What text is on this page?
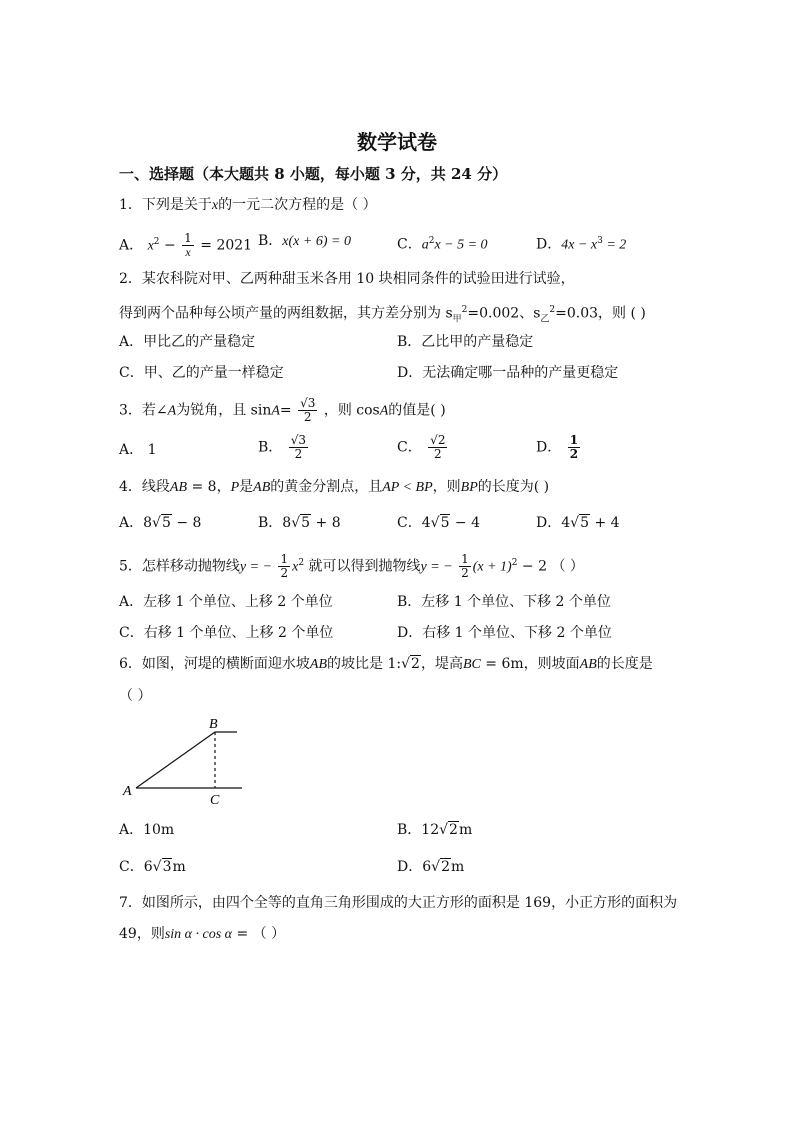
数学试卷
一、选择题（本大题共 8 小题，每小题 3 分，共 24 分）
1．下列是关于x的一元二次方程的是（ ）
A． $x^2 - \frac{1}{x} = 2021$ B．x(x + 6) = 0	C．$a^2x - 5 = 0$	D．$4x - x^3 = 2$
2．某农科院对甲、乙两种甜玉米各用 10 块相同条件的试验田进行试验，
得到两个品种每公顷产量的两组数据，其方差分别为 $s_甲^2=0.002$、$s_乙^2=0.03$，则 ( )
A．甲比乙的产量稳定	B．乙比甲的产量稳定
C．甲、乙的产量一样稳定	D．无法确定哪一品种的产量更稳定
3．若∠A为锐角，且 $\sin A= \frac{√3}{2}$ ，则 cosA的值是( )
A． 1	B． $\frac{√3}{2}$	C． $\frac{√2}{2}$	D． $\frac{1}{2}$
4．线段AB = 8，P是AB的黄金分割点，且AP < BP，则BP的长度为( )
A．8√5 − 8	B．8√5 + 8	C．4√5 − 4	D．4√5 + 4
5．怎样移动抛物线y = − $\frac{1}{2} x^2$ 就可以得到抛物线y = − $\frac{1}{2} (x + 1)^2 - 2$ （ ）
A．左移 1 个单位、上移 2 个单位	B．左移 1 个单位、下移 2 个单位
C．右移 1 个单位、上移 2 个单位	D．右移 1 个单位、下移 2 个单位
6．如图，河堤的横断面迎水坡AB的坡比是 1:√2，堤高BC = 6m，则坡面AB的长度是
（ ）
B
A
C
A．10m	B．12√2m
C．6√3m	D．6√2m
7．如图所示，由四个全等的直角三角形围成的大正方形的面积是 169，小正方形的面积为
49，则sin α · cos α = （ ）
